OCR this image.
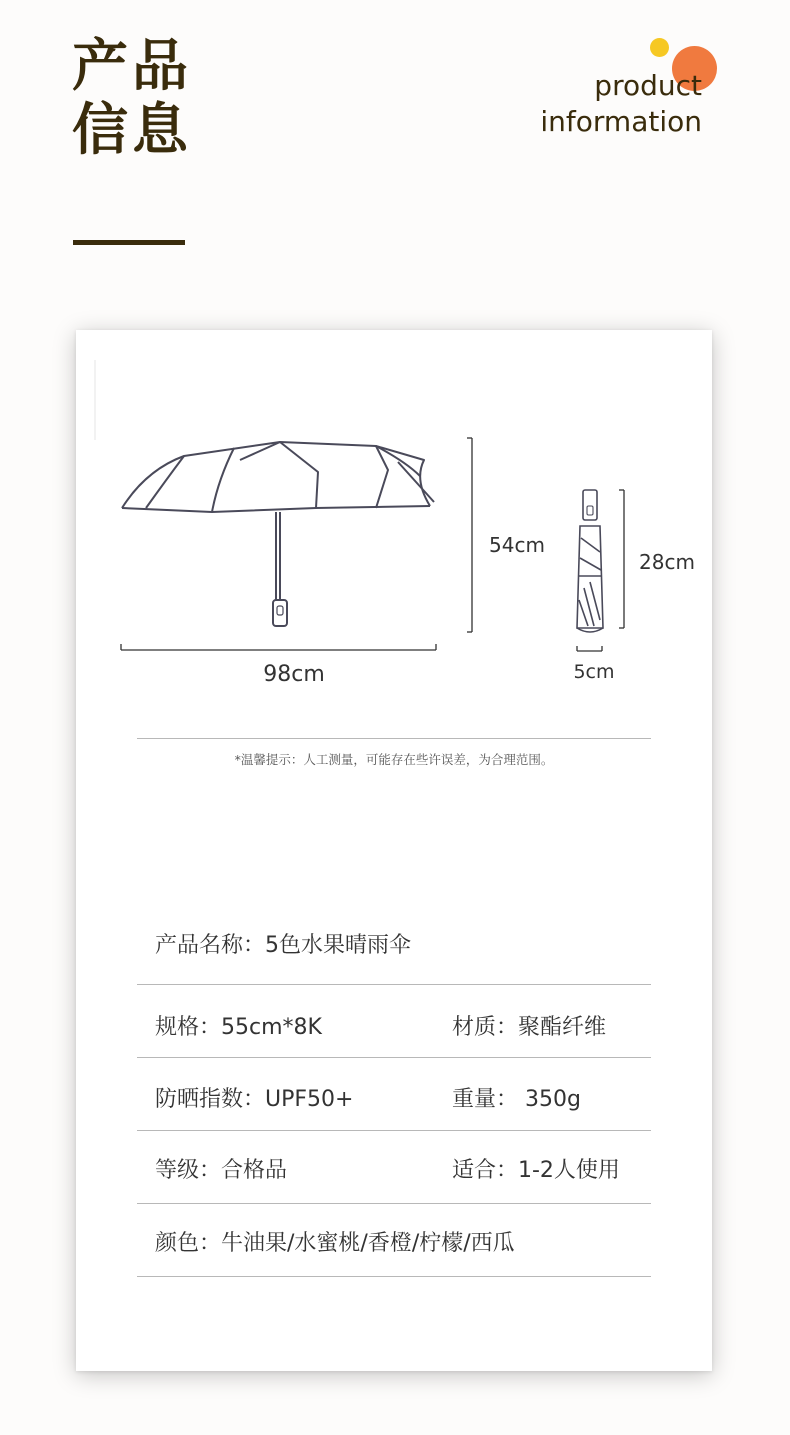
产品
信息
product
information
98cm
54cm
28cm
5cm
*温馨提示：人工测量，可能存在些许误差，为合理范围。
产品名称：5色水果晴雨伞
规格：55cm*8K	材质：聚酯纤维
防晒指数：UPF50+	重量： 350g
等级：合格品	适合：1-2人使用
颜色：牛油果/水蜜桃/香橙/柠檬/西瓜
